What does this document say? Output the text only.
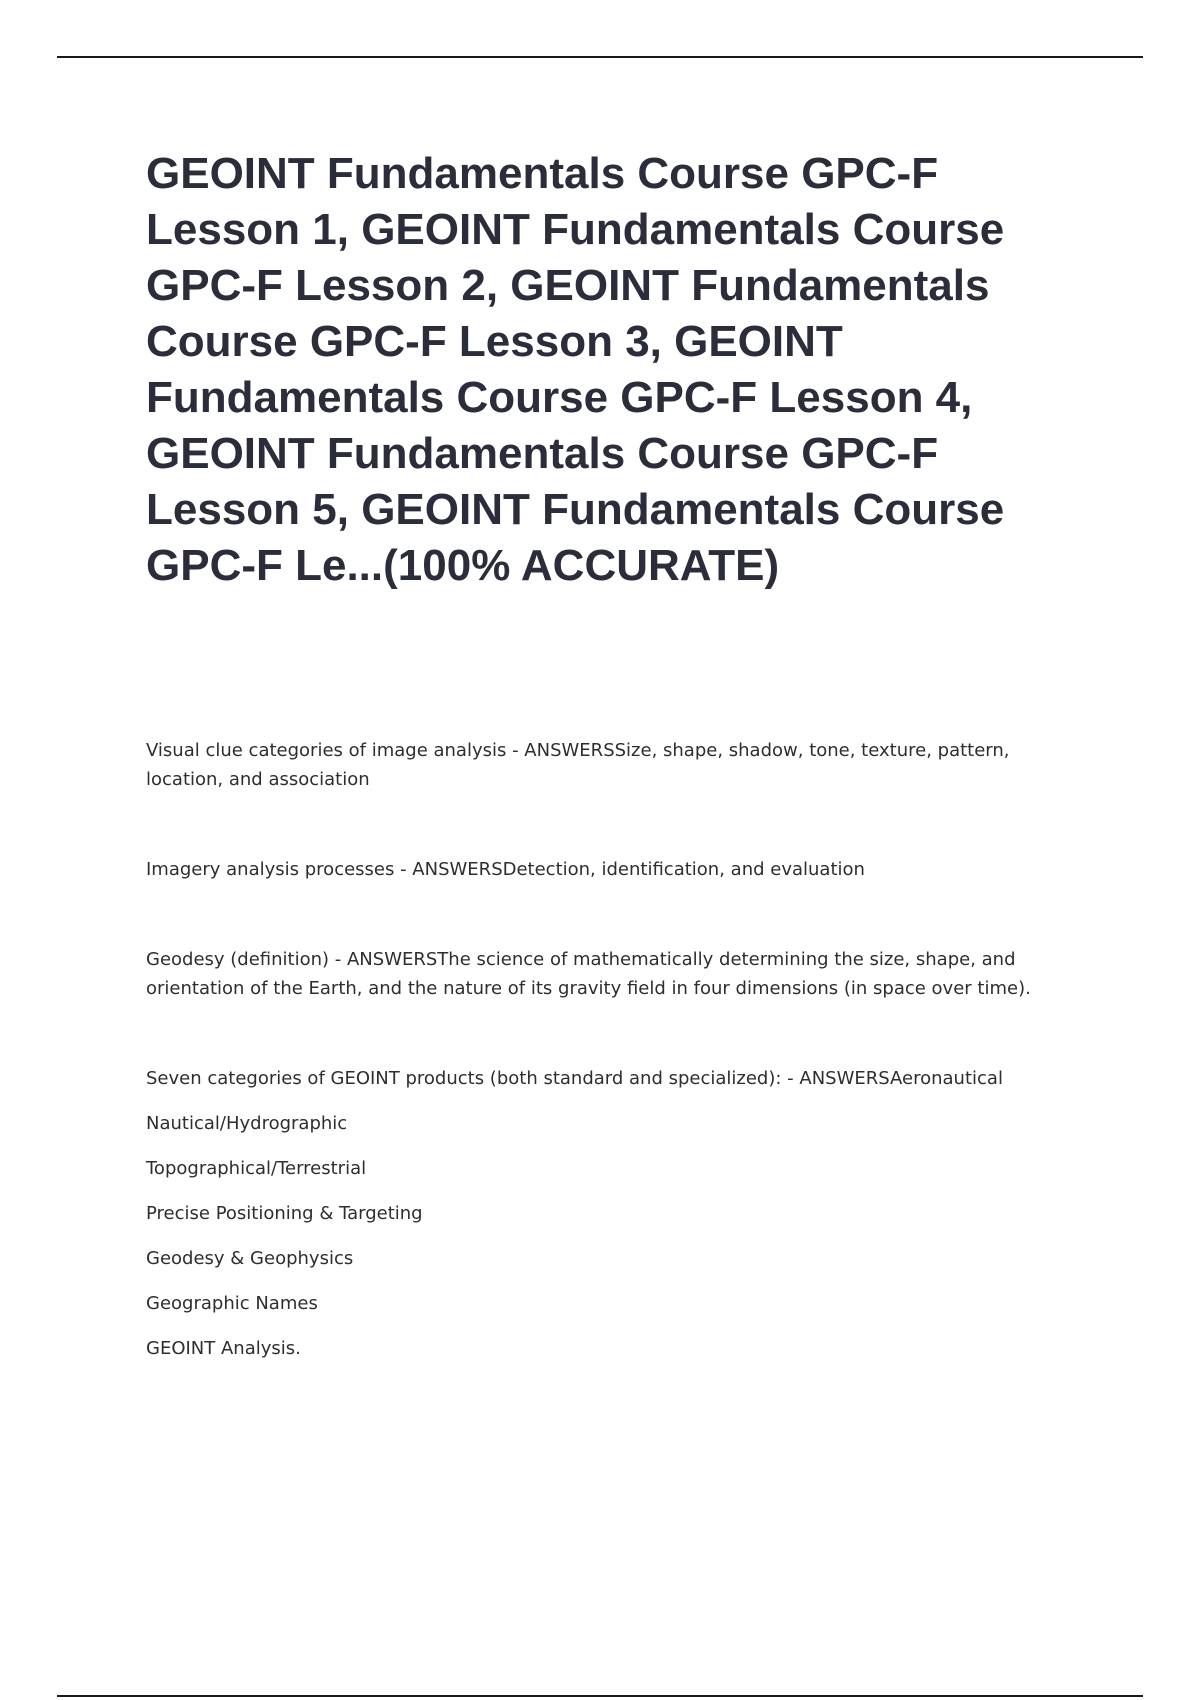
GEOINT Fundamentals Course GPC-F Lesson 1, GEOINT Fundamentals Course GPC-F Lesson 2, GEOINT Fundamentals Course GPC-F Lesson 3, GEOINT Fundamentals Course GPC-F Lesson 4, GEOINT Fundamentals Course GPC-F Lesson 5, GEOINT Fundamentals Course GPC-F Le...(100% ACCURATE)

Visual clue categories of image analysis - ANSWERSSize, shape, shadow, tone, texture, pattern, location, and association

Imagery analysis processes - ANSWERSDetection, identification, and evaluation

Geodesy (definition) - ANSWERSThe science of mathematically determining the size, shape, and orientation of the Earth, and the nature of its gravity field in four dimensions (in space over time).

Seven categories of GEOINT products (both standard and specialized): - ANSWERSAeronautical

Nautical/Hydrographic
Topographical/Terrestrial
Precise Positioning & Targeting
Geodesy & Geophysics
Geographic Names
GEOINT Analysis.
